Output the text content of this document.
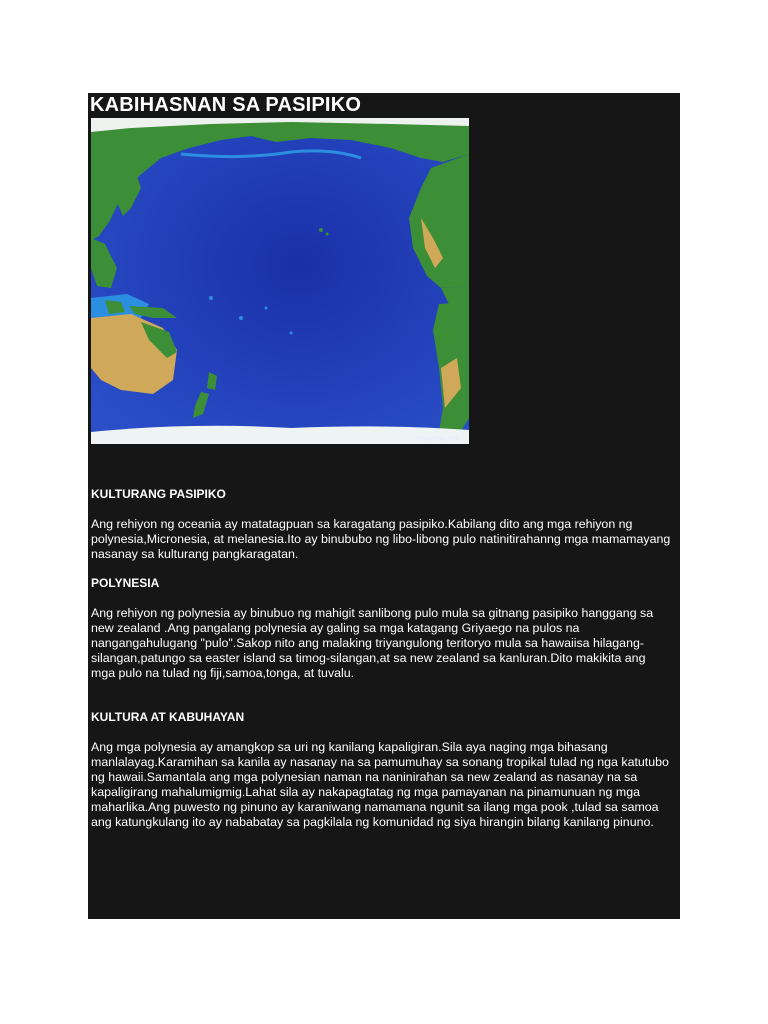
KABIHASNAN SA PASIPIKO
www.pmap.com
KULTURANG PASIPIKO

Ang rehiyon ng oceania ay matatagpuan sa karagatang pasipiko.Kabilang dito ang mga rehiyon ng
polynesia,Micronesia, at melanesia.Ito ay binububo ng libo-libong pulo natinitirahanng mga mamamayang
nasanay sa kulturang pangkaragatan.

POLYNESIA

Ang rehiyon ng polynesia ay binubuo ng mahigit sanlibong pulo mula sa gitnang pasipiko hanggang sa
new zealand .Ang pangalang polynesia ay galing sa mga katagang Griyaego na pulos na
nangangahulugang "pulo".Sakop nito ang malaking triyangulong teritoryo mula sa hawaiisa hilagang-
silangan,patungo sa easter island sa timog-silangan,at sa new zealand sa kanluran.Dito makikita ang
mga pulo na tulad ng fiji,samoa,tonga, at tuvalu.

KULTURA AT KABUHAYAN

Ang mga polynesia ay amangkop sa uri ng kanilang kapaligiran.Sila aya naging mga bihasang
manlalayag.Karamihan sa kanila ay nasanay na sa pamumuhay sa sonang tropikal tulad ng nga katutubo
ng hawaii.Samantala ang mga polynesian naman na naninirahan sa new zealand as nasanay na sa
kapaligirang mahalumigmig.Lahat sila ay nakapagtatag ng mga pamayanan na pinamunuan ng mga
maharlika.Ang puwesto ng pinuno ay karaniwang namamana ngunit sa ilang mga pook ,tulad sa samoa
ang katungkulang ito ay nababatay sa pagkilala ng komunidad ng siya hirangin bilang kanilang pinuno.
